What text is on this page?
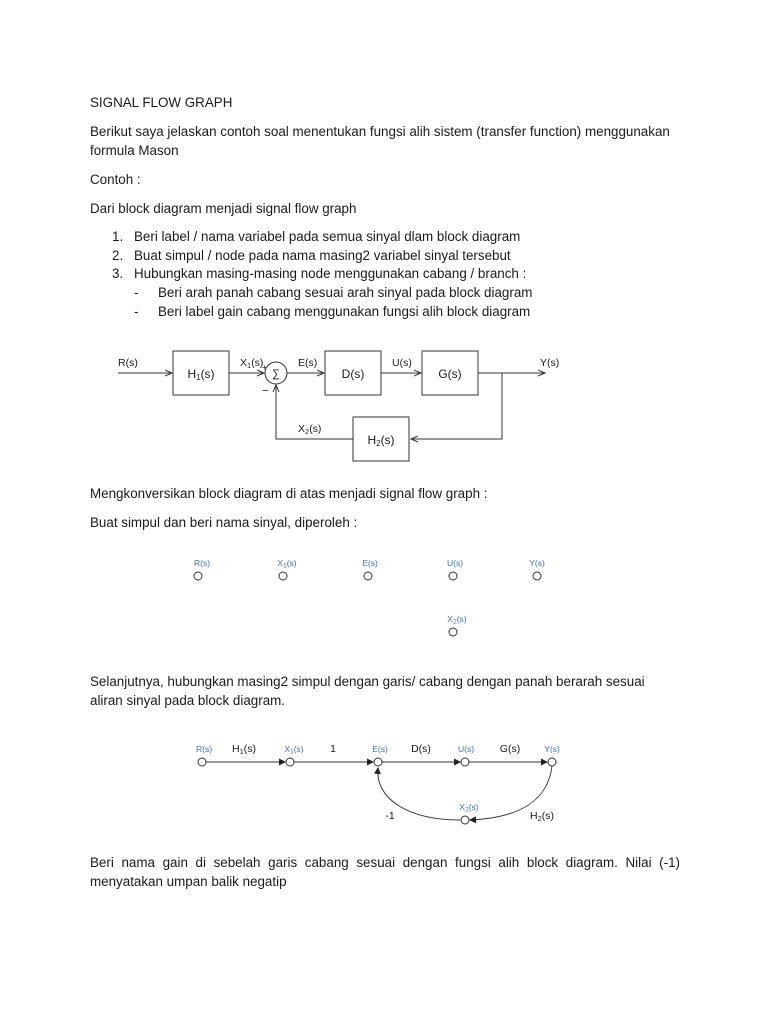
SIGNAL FLOW GRAPH

Berikut saya jelaskan contoh soal menentukan fungsi alih sistem (transfer function) menggunakan formula Mason

Contoh :

Dari block diagram menjadi signal flow graph

1. Beri label / nama variabel pada semua sinyal dlam block diagram
2. Buat simpul / node pada nama masing2 variabel sinyal tersebut
3. Hubungkan masing-masing node menggunakan cabang / branch :
- Beri arah panah cabang sesuai arah sinyal pada block diagram
- Beri label gain cabang menggunakan fungsi alih block diagram
R(s)
H1(s)
X1(s)
∑
+
−
E(s)
D(s)
U(s)
G(s)
Y(s)
X2(s)
H2(s)

Mengkonversikan block diagram di atas menjadi signal flow graph :

Buat simpul dan beri nama sinyal, diperoleh :

R(s)	X1(s)	E(s)	U(s)	Y(s)
X2(s)

Selanjutnya, hubungkan masing2 simpul dengan garis/ cabang dengan panah berarah sesuai aliran sinyal pada block diagram.

R(s)	X1(s)	E(s)	U(s)	Y(s)
X2(s)
H1(s)	1	D(s)	G(s)
-1	H2(s)

Beri nama gain di sebelah garis cabang sesuai dengan fungsi alih block diagram. Nilai (-1) menyatakan umpan balik negatip
